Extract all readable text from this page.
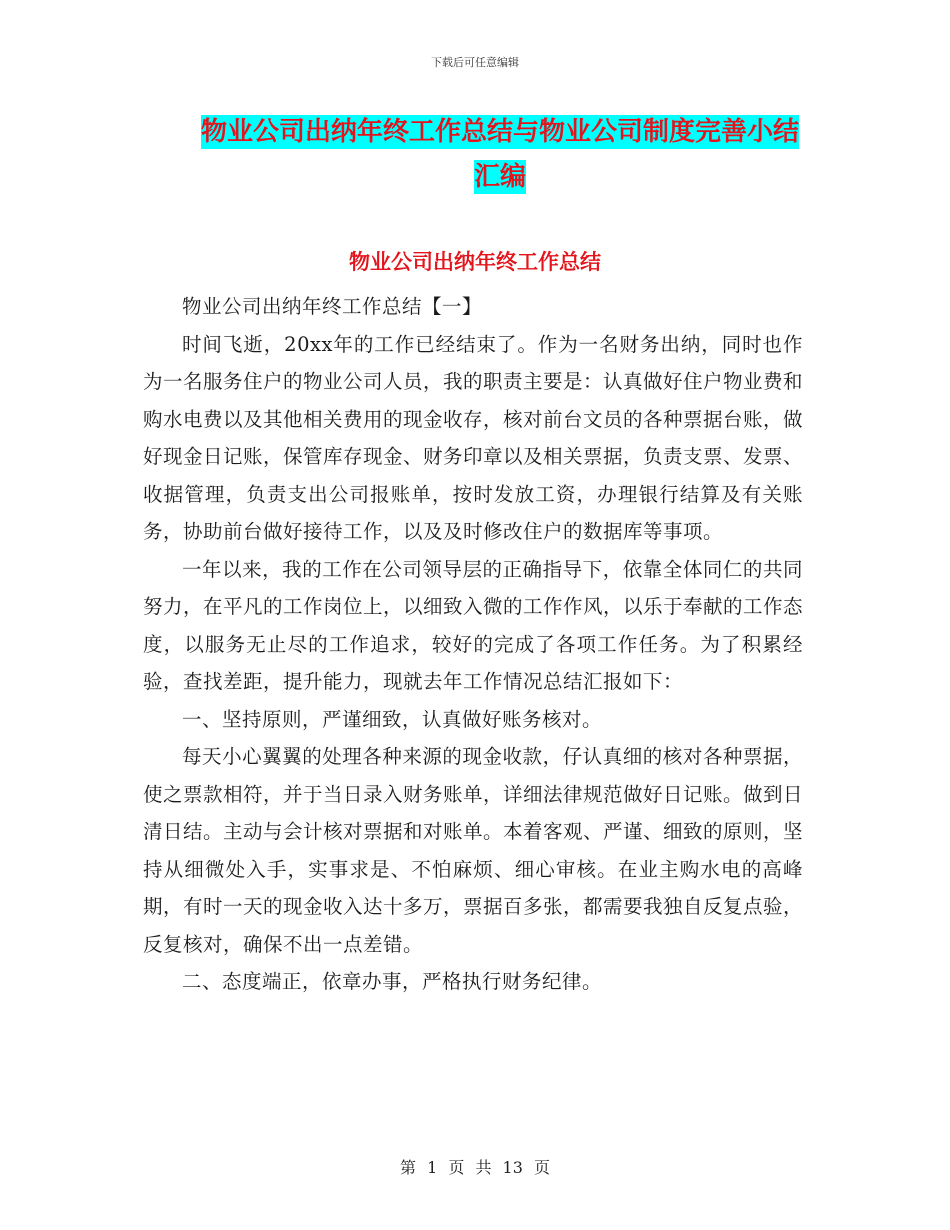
下载后可任意编辑
物业公司出纳年终工作总结与物业公司制度完善小结
汇编
物业公司出纳年终工作总结

物业公司出纳年终工作总结【一】

时间飞逝，20xx年的工作已经结束了。作为一名财务出纳，同时也作为一名服务住户的物业公司人员，我的职责主要是：认真做好住户物业费和购水电费以及其他相关费用的现金收存，核对前台文员的各种票据台账，做好现金日记账，保管库存现金、财务印章以及相关票据，负责支票、发票、收据管理，负责支出公司报账单，按时发放工资，办理银行结算及有关账务，协助前台做好接待工作，以及及时修改住户的数据库等事项。

一年以来，我的工作在公司领导层的正确指导下，依靠全体同仁的共同努力，在平凡的工作岗位上，以细致入微的工作作风，以乐于奉献的工作态度，以服务无止尽的工作追求，较好的完成了各项工作任务。为了积累经验，查找差距，提升能力，现就去年工作情况总结汇报如下：

一、坚持原则，严谨细致，认真做好账务核对。

每天小心翼翼的处理各种来源的现金收款，仔认真细的核对各种票据，使之票款相符，并于当日录入财务账单，详细法律规范做好日记账。做到日清日结。主动与会计核对票据和对账单。本着客观、严谨、细致的原则，坚持从细微处入手，实事求是、不怕麻烦、细心审核。在业主购水电的高峰期，有时一天的现金收入达十多万，票据百多张，都需要我独自反复点验，反复核对，确保不出一点差错。

二、态度端正，依章办事，严格执行财务纪律。

第 1 页 共 13 页
